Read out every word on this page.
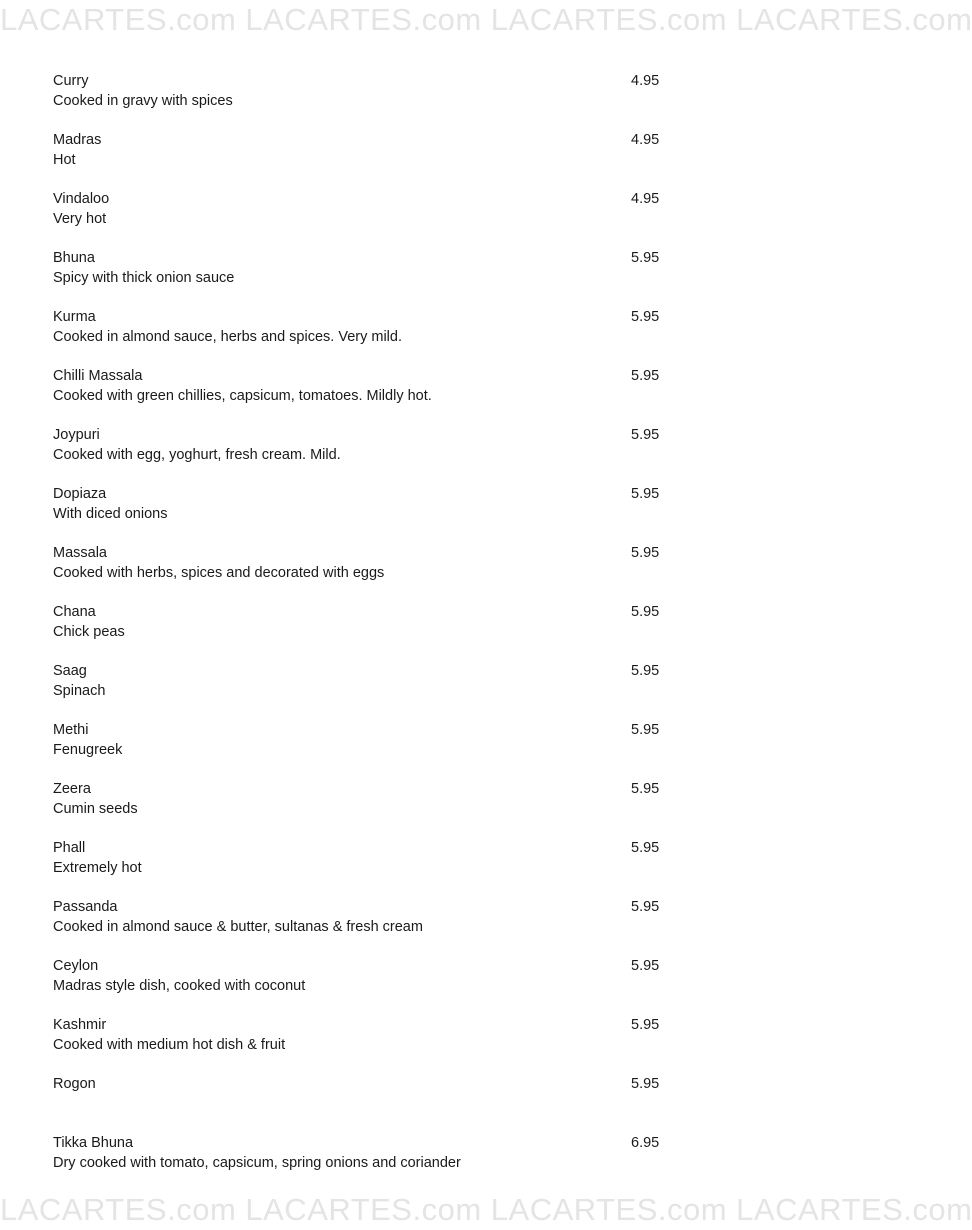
LACARTES.com LACARTES.com LACARTES.com LACARTES.com
Curry
Cooked in gravy with spices
4.95
Madras
Hot
4.95
Vindaloo
Very hot
4.95
Bhuna
Spicy with thick onion sauce
5.95
Kurma
Cooked in almond sauce, herbs and spices. Very mild.
5.95
Chilli Massala
Cooked with green chillies, capsicum, tomatoes. Mildly hot.
5.95
Joypuri
Cooked with egg, yoghurt, fresh cream. Mild.
5.95
Dopiaza
With diced onions
5.95
Massala
Cooked with herbs, spices and decorated with eggs
5.95
Chana
Chick peas
5.95
Saag
Spinach
5.95
Methi
Fenugreek
5.95
Zeera
Cumin seeds
5.95
Phall
Extremely hot
5.95
Passanda
Cooked in almond sauce & butter, sultanas & fresh cream
5.95
Ceylon
Madras style dish, cooked with coconut
5.95
Kashmir
Cooked with medium hot dish & fruit
5.95
Rogon	5.95
Tikka Bhuna
Dry cooked with tomato, capsicum, spring onions and coriander
6.95
LACARTES.com LACARTES.com LACARTES.com LACARTES.com
